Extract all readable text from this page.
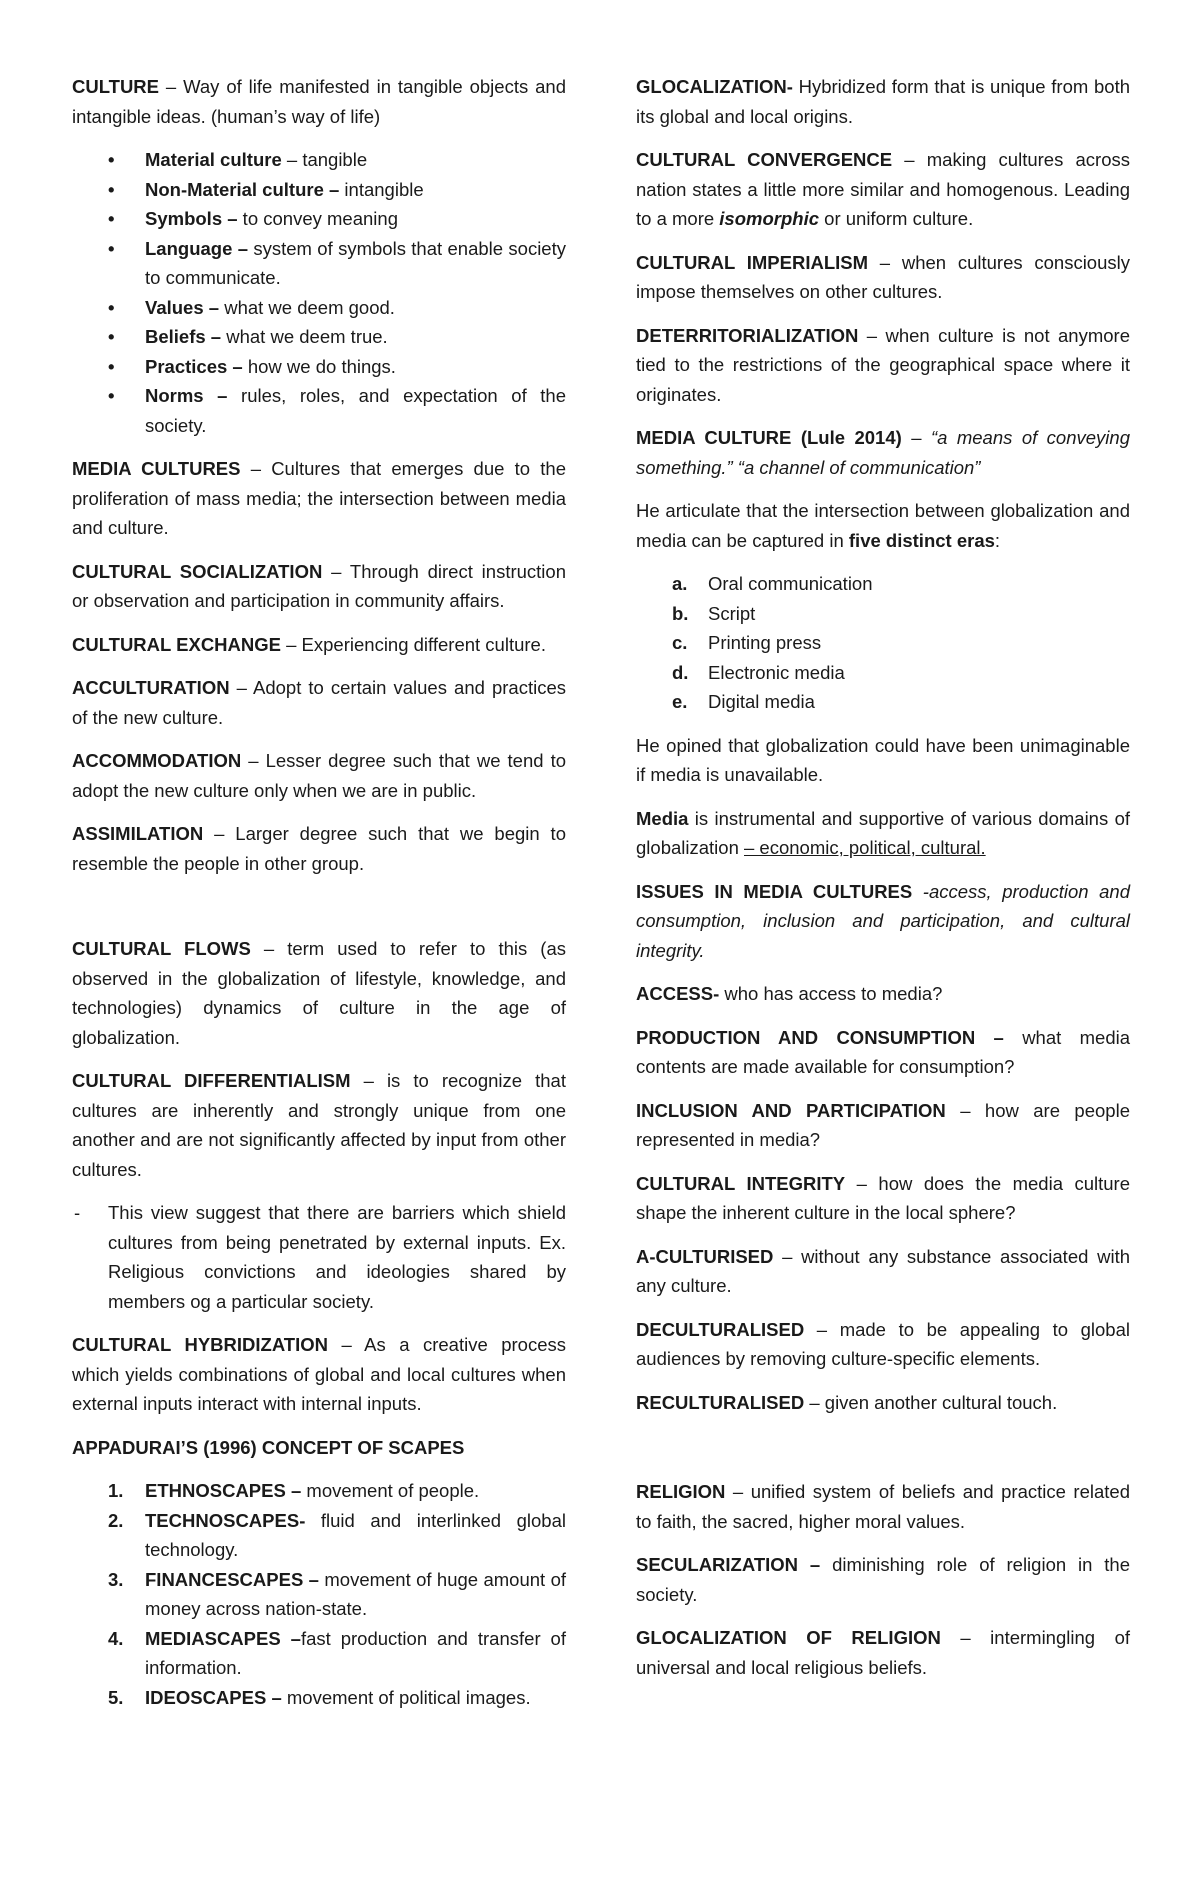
CULTURE – Way of life manifested in tangible objects and intangible ideas. (human’s way of life)

• Material culture – tangible
• Non-Material culture – intangible
• Symbols – to convey meaning
• Language – system of symbols that enable society to communicate.
• Values – what we deem good.
• Beliefs – what we deem true.
• Practices – how we do things.
• Norms – rules, roles, and expectation of the society.

MEDIA CULTURES – Cultures that emerges due to the proliferation of mass media; the intersection between media and culture.

CULTURAL SOCIALIZATION – Through direct instruction or observation and participation in community affairs.

CULTURAL EXCHANGE – Experiencing different culture.

ACCULTURATION – Adopt to certain values and practices of the new culture.

ACCOMMODATION – Lesser degree such that we tend to adopt the new culture only when we are in public.

ASSIMILATION – Larger degree such that we begin to resemble the people in other group.

CULTURAL FLOWS – term used to refer to this (as observed in the globalization of lifestyle, knowledge, and technologies) dynamics of culture in the age of globalization.

CULTURAL DIFFERENTIALISM – is to recognize that cultures are inherently and strongly unique from one another and are not significantly affected by input from other cultures.

- This view suggest that there are barriers which shield cultures from being penetrated by external inputs. Ex. Religious convictions and ideologies shared by members og a particular society.

CULTURAL HYBRIDIZATION – As a creative process which yields combinations of global and local cultures when external inputs interact with internal inputs.

APPADURAI’S (1996) CONCEPT OF SCAPES

1. ETHNOSCAPES – movement of people.
2. TECHNOSCAPES- fluid and interlinked global technology.
3. FINANCESCAPES – movement of huge amount of money across nation-state.
4. MEDIASCAPES –fast production and transfer of information.
5. IDEOSCAPES – movement of political images.

GLOCALIZATION- Hybridized form that is unique from both its global and local origins.

CULTURAL CONVERGENCE – making cultures across nation states a little more similar and homogenous. Leading to a more isomorphic or uniform culture.

CULTURAL IMPERIALISM – when cultures consciously impose themselves on other cultures.

DETERRITORIALIZATION – when culture is not anymore tied to the restrictions of the geographical space where it originates.

MEDIA CULTURE (Lule 2014) – “a means of conveying something.” “a channel of communication”

He articulate that the intersection between globalization and media can be captured in five distinct eras:

a. Oral communication
b. Script
c. Printing press
d. Electronic media
e. Digital media

He opined that globalization could have been unimaginable if media is unavailable.

Media is instrumental and supportive of various domains of globalization – economic, political, cultural.

ISSUES IN MEDIA CULTURES -access, production and consumption, inclusion and participation, and cultural integrity.

ACCESS- who has access to media?

PRODUCTION AND CONSUMPTION – what media contents are made available for consumption?

INCLUSION AND PARTICIPATION – how are people represented in media?

CULTURAL INTEGRITY – how does the media culture shape the inherent culture in the local sphere?

A-CULTURISED – without any substance associated with any culture.

DECULTURALISED – made to be appealing to global audiences by removing culture-specific elements.

RECULTURALISED – given another cultural touch.

RELIGION – unified system of beliefs and practice related to faith, the sacred, higher moral values.

SECULARIZATION – diminishing role of religion in the society.

GLOCALIZATION OF RELIGION – intermingling of universal and local religious beliefs.
